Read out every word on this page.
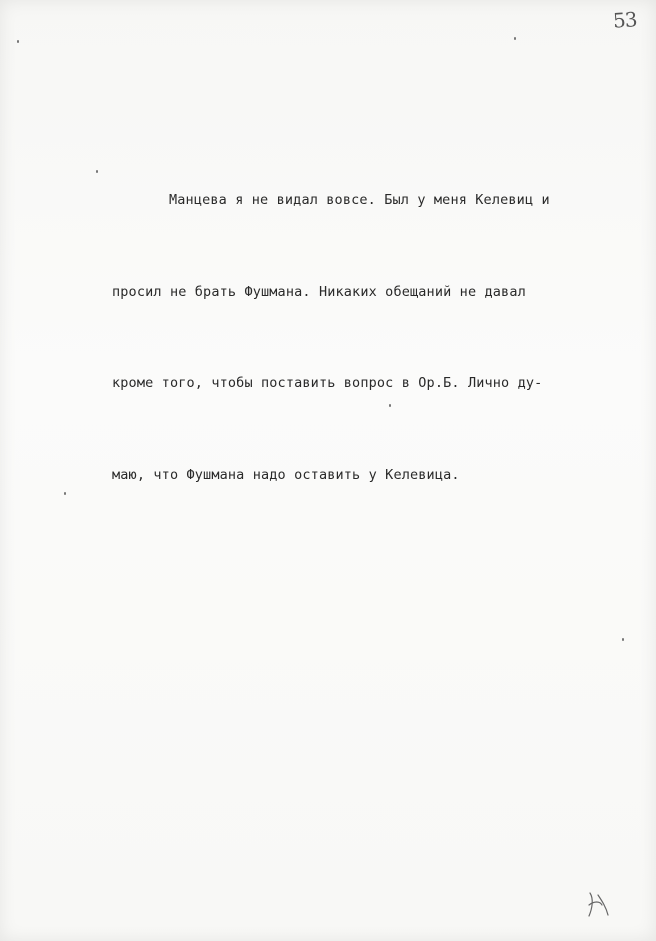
53

Манцева я не видал вовсе. Был у меня Келевиц и

просил не брать Фушмана. Никаких обещаний не давал

кроме того, чтобы поставить вопрос в Ор.Б. Лично ду-

маю, что Фушмана надо оставить у Келевица.
